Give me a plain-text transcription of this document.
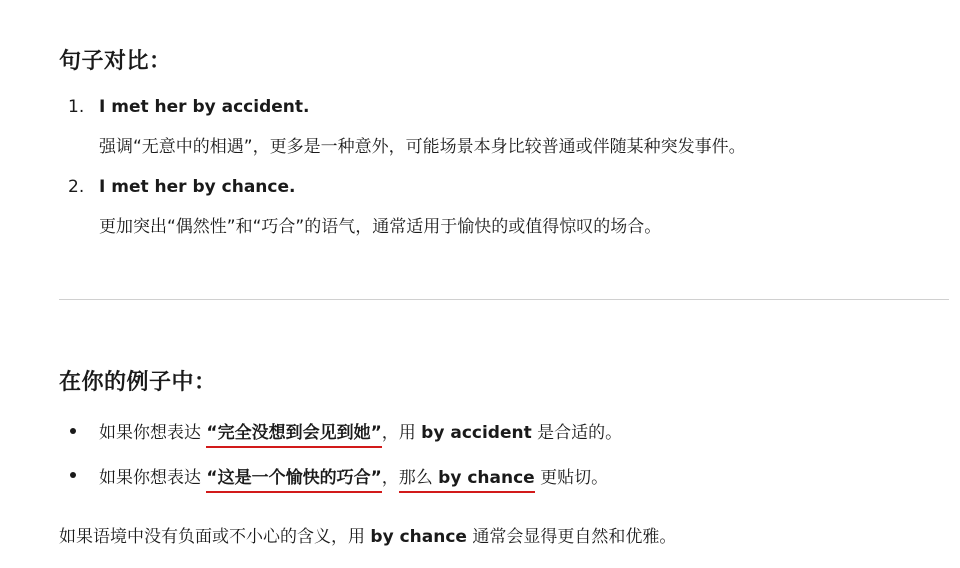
句子对比：
1. I met her by accident.
强调“无意中的相遇”，更多是一种意外，可能场景本身比较普通或伴随某种突发事件。
2. I met her by chance.
更加突出“偶然性”和“巧合”的语气，通常适用于愉快的或值得惊叹的场合。
在你的例子中：
如果你想表达 “完全没想到会见到她”，用 by accident 是合适的。
如果你想表达 “这是一个愉快的巧合”，那么 by chance 更贴切。
如果语境中没有负面或不小心的含义，用 by chance 通常会显得更自然和优雅。
